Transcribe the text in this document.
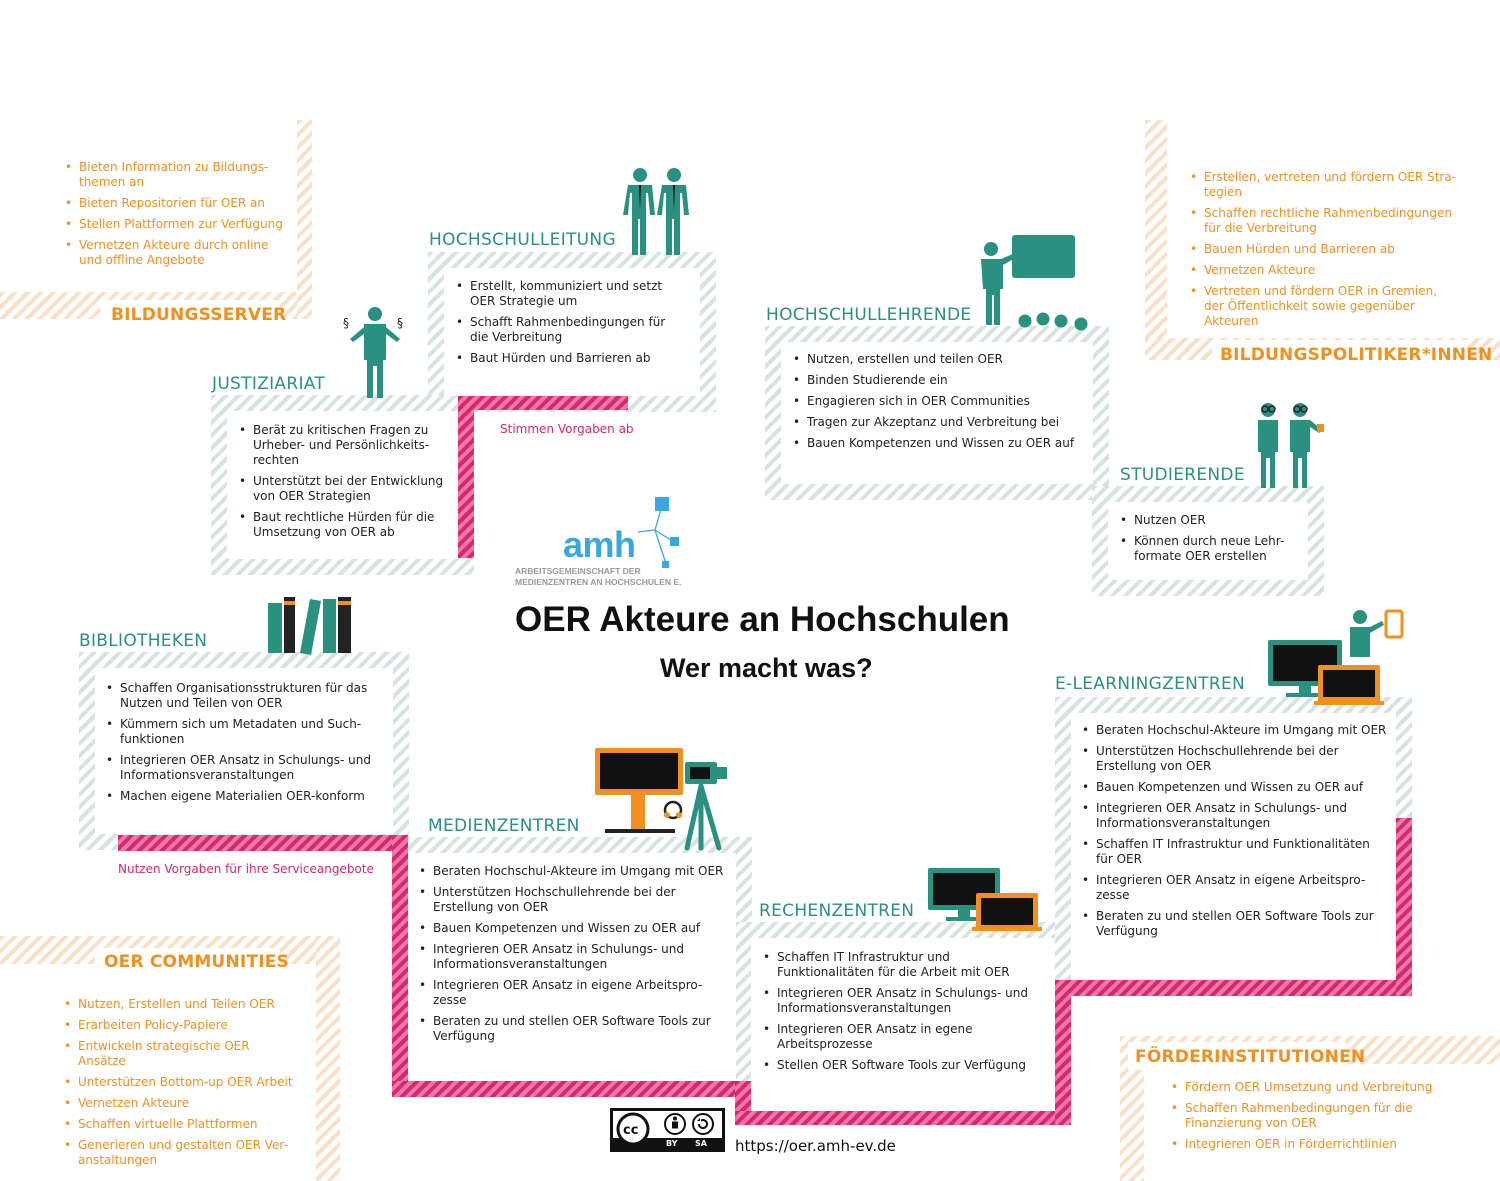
HOCHSCHULLEITUNG
JUSTIZIARIAT
HOCHSCHULLEHRENDE
STUDIERENDE
BIBLIOTHEKEN
MEDIENZENTREN
RECHENZENTREN
E-LEARNINGZENTREN
BILDUNGSSERVER
BILDUNGSPOLITIKER*INNEN
OER COMMUNITIES
FÖRDERINSTITUTIONEN
• Erstellt, kommuniziert und setzt OER Strategie um
• Schafft Rahmenbedingungen für die Verbreitung
• Baut Hürden und Barrieren ab
• Berät zu kritischen Fragen zu Urheber- und Persönlichkeits-rechten
• Unterstützt bei der Entwicklung von OER Strategien
• Baut rechtliche Hürden für die Umsetzung von OER ab
• Nutzen, erstellen und teilen OER
• Binden Studierende ein
• Engagieren sich in OER Communities
• Tragen zur Akzeptanz und Verbreitung bei
• Bauen Kompetenzen und Wissen zu OER auf
• Nutzen OER
• Können durch neue Lehr-formate OER erstellen
• Schaffen Organisationsstrukturen für das Nutzen und Teilen von OER
• Kümmern sich um Metadaten und Such-funktionen
• Integrieren OER Ansatz in Schulungs- und Informationsveranstaltungen
• Machen eigene Materialien OER-konform
• Beraten Hochschul-Akteure im Umgang mit OER
• Unterstützen Hochschullehrende bei der Erstellung von OER
• Bauen Kompetenzen und Wissen zu OER auf
• Integrieren OER Ansatz in Schulungs- und Informationsveranstaltungen
• Integrieren OER Ansatz in eigene Arbeitspro-zesse
• Beraten zu und stellen OER Software Tools zur Verfügung
• Schaffen IT Infrastruktur und Funktionalitäten für die Arbeit mit OER
• Integrieren OER Ansatz in Schulungs- und Informationsveranstaltungen
• Integrieren OER Ansatz in egene Arbeitsprozesse
• Stellen OER Software Tools zur Verfügung
• Beraten Hochschul-Akteure im Umgang mit OER
• Unterstützen Hochschullehrende bei der Erstellung von OER
• Bauen Kompetenzen und Wissen zu OER auf
• Integrieren OER Ansatz in Schulungs- und Informationsveranstaltungen
• Schaffen IT Infrastruktur und Funktionalitäten für OER
• Integrieren OER Ansatz in eigene Arbeitspro-zesse
• Beraten zu und stellen OER Software Tools zur Verfügung
• Bieten Information zu Bildungs-themen an
• Bieten Repositorien für OER an
• Stellen Plattformen zur Verfügung
• Vernetzen Akteure durch online und offline Angebote
• Erstellen, vertreten und fördern OER Stra-tegien
• Schaffen rechtliche Rahmenbedingungen für die Verbreitung
• Bauen Hürden und Barrieren ab
• Vernetzen Akteure
• Vertreten und fördern OER in Gremien, der Öffentlichkeit sowie gegenüber Akteuren
• Nutzen, Erstellen und Teilen OER
• Erarbeiten Policy-Papiere
• Entwickeln strategische OER Ansätze
• Unterstützen Bottom-up OER Arbeit
• Vernetzen Akteure
• Schaffen virtuelle Plattformen
• Generieren und gestalten OER Ver-anstaltungen
• Fördern OER Umsetzung und Verbreitung
• Schaffen Rahmenbedingungen für die Finanzierung von OER
• Integrieren OER in Förderrichtlinien
Stimmen Vorgaben ab
Nutzen Vorgaben für ihre Serviceangebote
OER Akteure an Hochschulen
Wer macht was?
amh
ARBEITSGEMEINSCHAFT DER
MEDIENZENTREN AN HOCHSCHULEN E.
§	§
cc
BY SA https://oer.amh-ev.de
